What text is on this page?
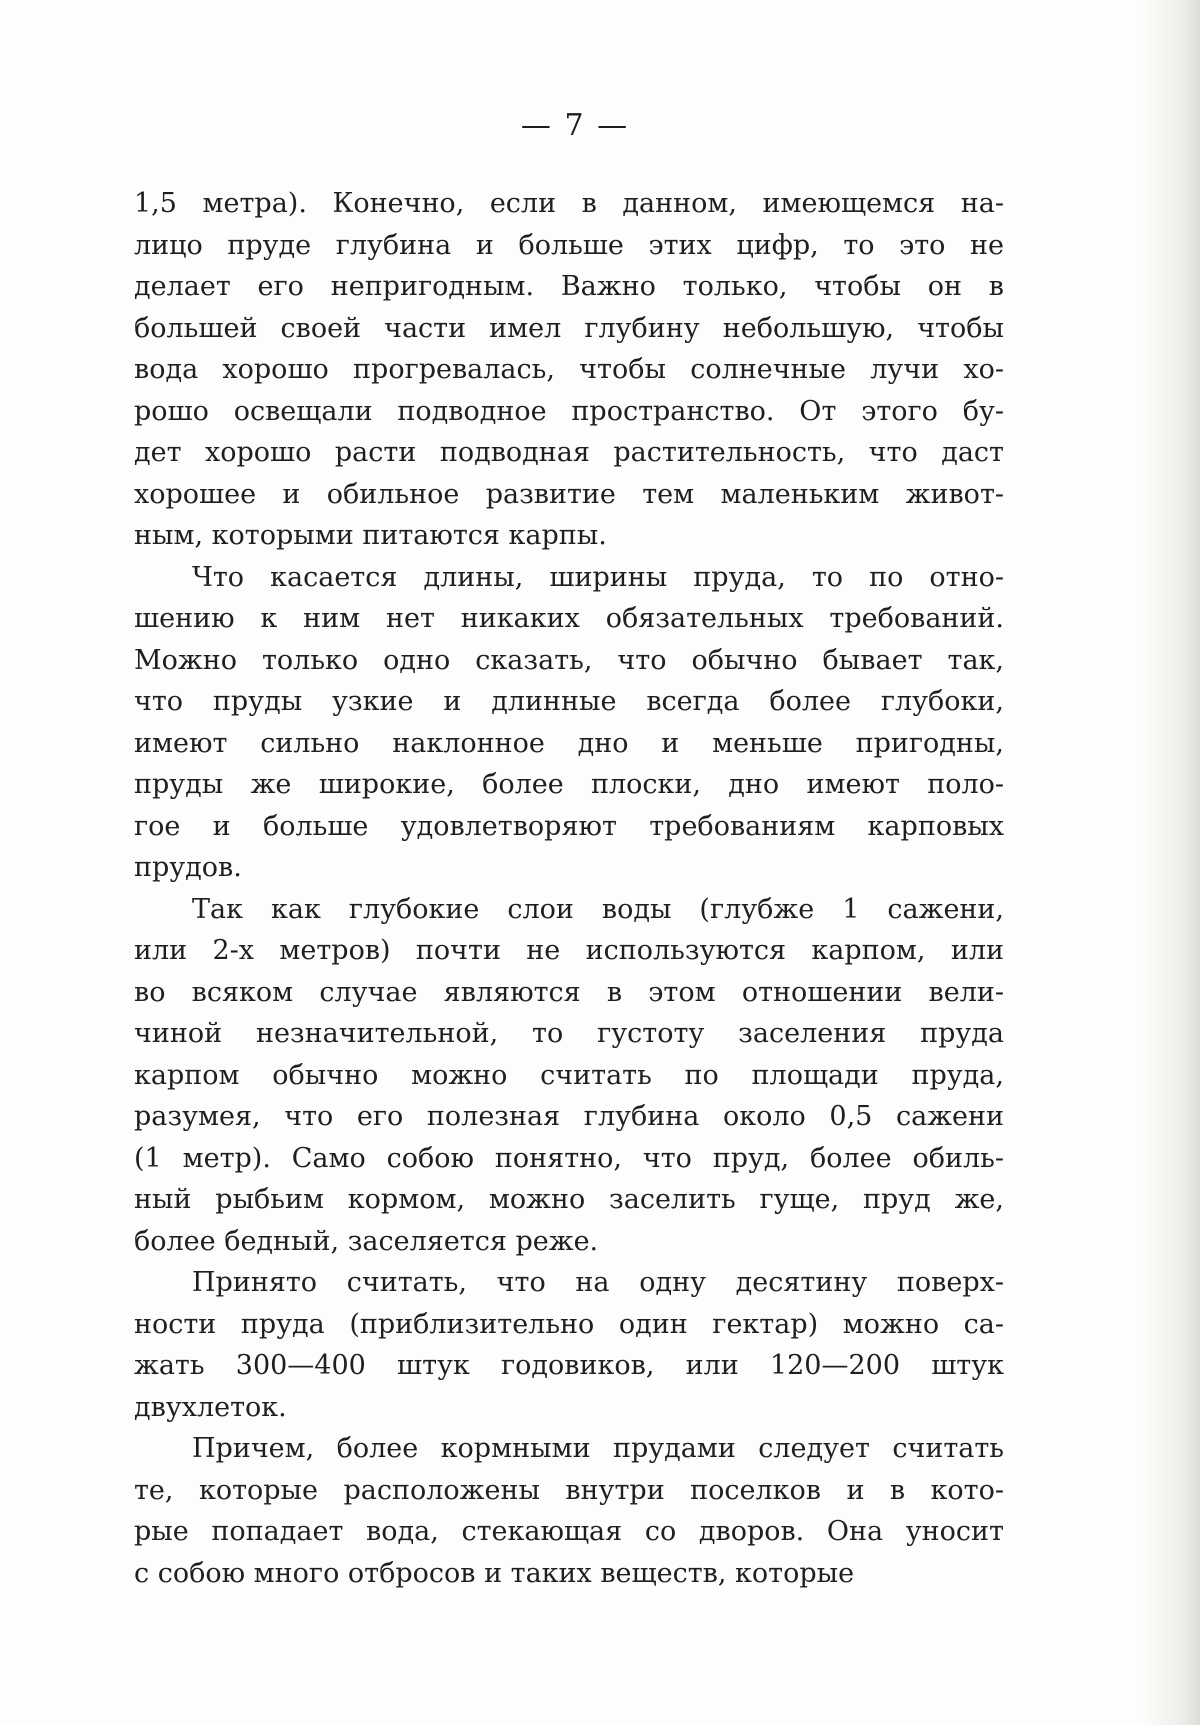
— 7 —
1,5 метра). Конечно, если в данном, имеющемся на-
лицо пруде глубина и больше этих цифр, то это не
делает его непригодным. Важно только, чтобы он в
большей своей части имел глубину небольшую, чтобы
вода хорошо прогревалась, чтобы солнечные лучи хо-
рошо освещали подводное пространство. От этого бу-
дет хорошо расти подводная растительность, что даст
хорошее и обильное развитие тем маленьким живот-
ным, которыми питаются карпы.
Что касается длины, ширины пруда, то по отно-
шению к ним нет никаких обязательных требований.
Можно только одно сказать, что обычно бывает так,
что пруды узкие и длинные всегда более глубоки,
имеют сильно наклонное дно и меньше пригодны,
пруды же широкие, более плоски, дно имеют поло-
гое и больше удовлетворяют требованиям карповых
прудов.
Так как глубокие слои воды (глубже 1 сажени,
или 2-х метров) почти не используются карпом, или
во всяком случае являются в этом отношении вели-
чиной незначительной, то густоту заселения пруда
карпом обычно можно считать по площади пруда,
разумея, что его полезная глубина около 0,5 сажени
(1 метр). Само собою понятно, что пруд, более обиль-
ный рыбьим кормом, можно заселить гуще, пруд же,
более бедный, заселяется реже.
Принято считать, что на одну десятину поверх-
ности пруда (приблизительно один гектар) можно са-
жать 300—400 штук годовиков, или 120—200 штук
двухлеток.
Причем, более кормными прудами следует считать
те, которые расположены внутри поселков и в кото-
рые попадает вода, стекающая со дворов. Она уносит
с собою много отбросов и таких веществ, которые
